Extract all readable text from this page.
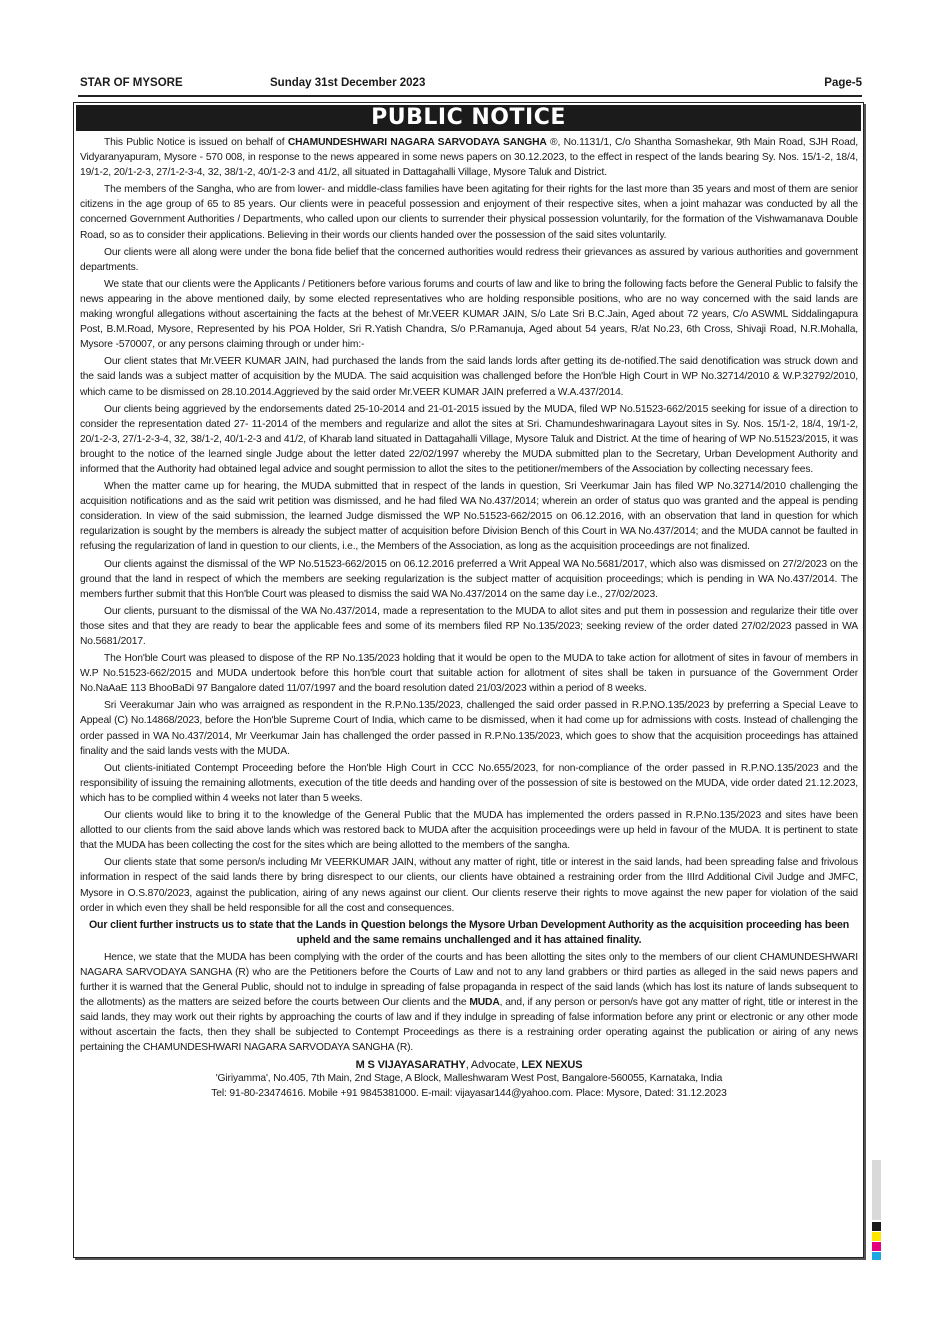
STAR OF MYSORE	Sunday 31st December 2023	Page-5
PUBLIC NOTICE

This Public Notice is issued on behalf of CHAMUNDESHWARI NAGARA SARVODAYA SANGHA ®, No.1131/1, C/o Shantha Somashekar, 9th Main Road, SJH Road, Vidyaranyapuram, Mysore - 570 008, in response to the news appeared in some news papers on 30.12.2023, to the effect in respect of the lands bearing Sy. Nos. 15/1-2, 18/4, 19/1-2, 20/1-2-3, 27/1-2-3-4, 32, 38/1-2, 40/1-2-3 and 41/2, all situated in Dattagahalli Village, Mysore Taluk and District.

The members of the Sangha, who are from lower- and middle-class families have been agitating for their rights for the last more than 35 years and most of them are senior citizens in the age group of 65 to 85 years. Our clients were in peaceful possession and enjoyment of their respective sites, when a joint mahazar was conducted by all the concerned Government Authorities / Departments, who called upon our clients to surrender their physical possession voluntarily, for the formation of the Vishwamanava Double Road, so as to consider their applications. Believing in their words our clients handed over the possession of the said sites voluntarily.

Our clients were all along were under the bona fide belief that the concerned authorities would redress their grievances as assured by various authorities and government departments.

We state that our clients were the Applicants / Petitioners before various forums and courts of law and like to bring the following facts before the General Public to falsify the news appearing in the above mentioned daily, by some elected representatives who are holding responsible positions, who are no way concerned with the said lands are making wrongful allegations without ascertaining the facts at the behest of Mr.VEER KUMAR JAIN, S/o Late Sri B.C.Jain, Aged about 72 years, C/o ASWML Siddalingapura Post, B.M.Road, Mysore, Represented by his POA Holder, Sri R.Yatish Chandra, S/o P.Ramanuja, Aged about 54 years, R/at No.23, 6th Cross, Shivaji Road, N.R.Mohalla, Mysore -570007, or any persons claiming through or under him:-

Our client states that Mr.VEER KUMAR JAIN, had purchased the lands from the said lands lords after getting its de-notified.The said denotification was struck down and the said lands was a subject matter of acquisition by the MUDA. The said acquisition was challenged before the Hon'ble High Court in WP No.32714/2010 & W.P.32792/2010, which came to be dismissed on 28.10.2014.Aggrieved by the said order Mr.VEER KUMAR JAIN preferred a W.A.437/2014.

Our clients being aggrieved by the endorsements dated 25-10-2014 and 21-01-2015 issued by the MUDA, filed WP No.51523-662/2015 seeking for issue of a direction to consider the representation dated 27- 11-2014 of the members and regularize and allot the sites at Sri. Chamundeshwarinagara Layout sites in Sy. Nos. 15/1-2, 18/4, 19/1-2, 20/1-2-3, 27/1-2-3-4, 32, 38/1-2, 40/1-2-3 and 41/2, of Kharab land situated in Dattagahalli Village, Mysore Taluk and District. At the time of hearing of WP No.51523/2015, it was brought to the notice of the learned single Judge about the letter dated 22/02/1997 whereby the MUDA submitted plan to the Secretary, Urban Development Authority and informed that the Authority had obtained legal advice and sought permission to allot the sites to the petitioner/members of the Association by collecting necessary fees.

When the matter came up for hearing, the MUDA submitted that in respect of the lands in question, Sri Veerkumar Jain has filed WP No.32714/2010 challenging the acquisition notifications and as the said writ petition was dismissed, and he had filed WA No.437/2014; wherein an order of status quo was granted and the appeal is pending consideration. In view of the said submission, the learned Judge dismissed the WP No.51523-662/2015 on 06.12.2016, with an observation that land in question for which regularization is sought by the members is already the subject matter of acquisition before Division Bench of this Court in WA No.437/2014; and the MUDA cannot be faulted in refusing the regularization of land in question to our clients, i.e., the Members of the Association, as long as the acquisition proceedings are not finalized.

Our clients against the dismissal of the WP No.51523-662/2015 on 06.12.2016 preferred a Writ Appeal WA No.5681/2017, which also was dismissed on 27/2/2023 on the ground that the land in respect of which the members are seeking regularization is the subject matter of acquisition proceedings; which is pending in WA No.437/2014. The members further submit that this Hon'ble Court was pleased to dismiss the said WA No.437/2014 on the same day i.e., 27/02/2023.

Our clients, pursuant to the dismissal of the WA No.437/2014, made a representation to the MUDA to allot sites and put them in possession and regularize their title over those sites and that they are ready to bear the applicable fees and some of its members filed RP No.135/2023; seeking review of the order dated 27/02/2023 passed in WA No.5681/2017.

The Hon'ble Court was pleased to dispose of the RP No.135/2023 holding that it would be open to the MUDA to take action for allotment of sites in favour of members in W.P No.51523-662/2015 and MUDA undertook before this hon'ble court that suitable action for allotment of sites shall be taken in pursuance of the Government Order No.NaAaE 113 BhooBaDi 97 Bangalore dated 11/07/1997 and the board resolution dated 21/03/2023 within a period of 8 weeks.

Sri Veerakumar Jain who was arraigned as respondent in the R.P.No.135/2023, challenged the said order passed in R.P.NO.135/2023 by preferring a Special Leave to Appeal (C) No.14868/2023, before the Hon'ble Supreme Court of India, which came to be dismissed, when it had come up for admissions with costs. Instead of challenging the order passed in WA No.437/2014, Mr Veerkumar Jain has challenged the order passed in R.P.No.135/2023, which goes to show that the acquisition proceedings has attained finality and the said lands vests with the MUDA.

Out clients-initiated Contempt Proceeding before the Hon'ble High Court in CCC No.655/2023, for non-compliance of the order passed in R.P.NO.135/2023 and the responsibility of issuing the remaining allotments, execution of the title deeds and handing over of the possession of site is bestowed on the MUDA, vide order dated 21.12.2023, which has to be complied within 4 weeks not later than 5 weeks.

Our clients would like to bring it to the knowledge of the General Public that the MUDA has implemented the orders passed in R.P.No.135/2023 and sites have been allotted to our clients from the said above lands which was restored back to MUDA after the acquisition proceedings were up held in favour of the MUDA. It is pertinent to state that the MUDA has been collecting the cost for the sites which are being allotted to the members of the sangha.

Our clients state that some person/s including Mr VEERKUMAR JAIN, without any matter of right, title or interest in the said lands, had been spreading false and frivolous information in respect of the said lands there by bring disrespect to our clients, our clients have obtained a restraining order from the IIIrd Additional Civil Judge and JMFC, Mysore in O.S.870/2023, against the publication, airing of any news against our client. Our clients reserve their rights to move against the new paper for violation of the said order in which even they shall be held responsible for all the cost and consequences.

Our client further instructs us to state that the Lands in Question belongs the Mysore Urban Development Authority as the acquisition proceeding has been upheld and the same remains unchallenged and it has attained finality.

Hence, we state that the MUDA has been complying with the order of the courts and has been allotting the sites only to the members of our client CHAMUNDESHWARI NAGARA SARVODAYA SANGHA (R) who are the Petitioners before the Courts of Law and not to any land grabbers or third parties as alleged in the said news papers and further it is warned that the General Public, should not to indulge in spreading of false propaganda in respect of the said lands (which has lost its nature of lands subsequent to the allotments) as the matters are seized before the courts between Our clients and the MUDA, and, if any person or person/s have got any matter of right, title or interest in the said lands, they may work out their rights by approaching the courts of law and if they indulge in spreading of false information before any print or electronic or any other mode without ascertain the facts, then they shall be subjected to Contempt Proceedings as there is a restraining order operating against the publication or airing of any news pertaining the CHAMUNDESHWARI NAGARA SARVODAYA SANGHA (R).

M S VIJAYASARATHY, Advocate, LEX NEXUS
'Giriyamma', No.405, 7th Main, 2nd Stage, A Block, Malleshwaram West Post, Bangalore-560055, Karnataka, India
Tel: 91-80-23474616. Mobile +91 9845381000. E-mail: vijayasar144@yahoo.com. Place: Mysore, Dated: 31.12.2023
